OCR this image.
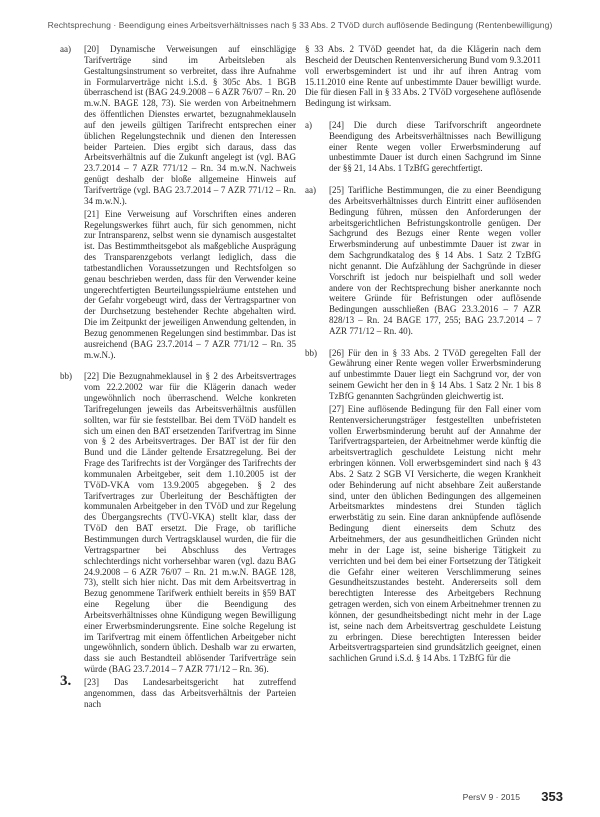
Rechtsprechung · Beendigung eines Arbeitsverhältnisses nach § 33 Abs. 2 TVöD durch auflösende Bedingung (Rentenbewilligung)
aa) [20] Dynamische Verweisungen auf einschlägige Tarifverträge sind im Arbeitsleben als Gestaltungsinstrument so verbreitet, dass ihre Aufnahme in Formularverträge nicht i.S.d. § 305c Abs. 1 BGB überraschend ist (BAG 24.9.2008 – 6 AZR 76/07 – Rn. 20 m.w.N. BAGE 128, 73). Sie werden von Arbeitnehmern des öffentlichen Dienstes erwartet, bezugnahmeklauseln auf den jeweils gültigen Tarifrecht entsprechen einer üblichen Regelungstechnik und dienen den Interessen beider Parteien. Dies ergibt sich daraus, dass das Arbeitsverhältnis auf die Zukunft angelegt ist (vgl. BAG 23.7.2014 – 7 AZR 771/12 – Rn. 34 m.w.N. Nachweis genügt deshalb der bloße allgemeine Hinweis auf Tarifverträge (vgl. BAG 23.7.2014 – 7 AZR 771/12 – Rn. 34 m.w.N.).
[21] Eine Verweisung auf Vorschriften eines anderen Regelungswerkes führt auch, für sich genommen, nicht zur Intransparenz, selbst wenn sie dynamisch ausgestaltet ist. Das Bestimmtheitsgebot als maßgebliche Ausprägung des Transparenzgebots verlangt lediglich, dass die tatbestandlichen Voraussetzungen und Rechtsfolgen so genau beschrieben werden, dass für den Verwender keine ungerechtfertigten Beurteilungsspielräume entstehen und der Gefahr vorgebeugt wird, dass der Vertragspartner von der Durchsetzung bestehender Rechte abgehalten wird. Die im Zeitpunkt der jeweiligen Anwendung geltenden, in Bezug genommenen Regelungen sind bestimmbar. Das ist ausreichend (BAG 23.7.2014 – 7 AZR 771/12 – Rn. 35 m.w.N.).
bb) [22] Die Bezugnahmeklausel in § 2 des Arbeitsvertrages vom 22.2.2002 war für die Klägerin danach weder ungewöhnlich noch überraschend. Welche konkreten Tarifregelungen jeweils das Arbeitsverhältnis ausfüllen sollten, war für sie feststellbar. Bei dem TVöD handelt es sich um einen den BAT ersetzenden Tarifvertrag im Sinne von § 2 des Arbeitsvertrages. Der BAT ist der für den Bund und die Länder geltende Ersatzregelung. Bei der Frage des Tarifrechts ist der Vorgänger des Tarifrechts der kommunalen Arbeitgeber, seit dem 1.10.2005 ist der TVöD-VKA vom 13.9.2005 abgegeben. § 2 des Tarifvertrages zur Überleitung der Beschäftigten der kommunalen Arbeitgeber in den TVöD und zur Regelung des Übergangsrechts (TVÜ-VKA) stellt klar, dass der TVöD den BAT ersetzt. Die Frage, ob tarifliche Bestimmungen durch Vertragsklausel wurden, die für die Vertragspartner bei Abschluss des Vertrages schlechterdings nicht vorhersehbar waren (vgl. dazu BAG 24.9.2008 – 6 AZR 76/07 – Rn. 21 m.w.N. BAGE 128, 73), stellt sich hier nicht. Das mit dem Arbeitsvertrag in Bezug genommene Tarifwerk enthielt bereits in §59 BAT eine Regelung über die Beendigung des Arbeitsverhältnisses ohne Kündigung wegen Bewilligung einer Erwerbsminderungsrente. Eine solche Regelung ist im Tarifvertrag mit einem öffentlichen Arbeitgeber nicht ungewöhnlich, sondern üblich. Deshalb war zu erwarten, dass sie auch Bestandteil ablösender Tarifverträge sein würde (BAG 23.7.2014 – 7 AZR 771/12 – Rn. 36).
3. [23] Das Landesarbeitsgericht hat zutreffend angenommen, dass das Arbeitsverhältnis der Parteien nach
§ 33 Abs. 2 TVöD geendet hat, da die Klägerin nach dem Bescheid der Deutschen Rentenversicherung Bund vom 9.3.2011 voll erwerbsgemindert ist und ihr auf ihren Antrag vom 15.11.2010 eine Rente auf unbestimmte Dauer bewilligt wurde. Die für diesen Fall in § 33 Abs. 2 TVöD vorgesehene auflösende Bedingung ist wirksam.
a) [24] Die durch diese Tarifvorschrift angeordnete Beendigung des Arbeitsverhältnisses nach Bewilligung einer Rente wegen voller Erwerbsminderung auf unbestimmte Dauer ist durch einen Sachgrund im Sinne der §§ 21, 14 Abs. 1 TzBfG gerechtfertigt.
aa) [25] Tarifliche Bestimmungen, die zu einer Beendigung des Arbeitsverhältnisses durch Eintritt einer auflösenden Bedingung führen, müssen den Anforderungen der arbeitsgerichtlichen Befristungskontrolle genügen. Der Sachgrund des Bezugs einer Rente wegen voller Erwerbsminderung auf unbestimmte Dauer ist zwar in dem Sachgrundkatalog des § 14 Abs. 1 Satz 2 TzBfG nicht genannt. Die Aufzählung der Sachgründe in dieser Vorschrift ist jedoch nur beispielhaft und soll weder andere von der Rechtsprechung bisher anerkannte noch weitere Gründe für Befristungen oder auflösende Bedingungen ausschließen (BAG 23.3.2016 – 7 AZR 828/13 – Rn. 24 BAGE 177, 255; BAG 23.7.2014 – 7 AZR 771/12 – Rn. 40).
bb) [26] Für den in § 33 Abs. 2 TVöD geregelten Fall der Gewährung einer Rente wegen voller Erwerbsminderung auf unbestimmte Dauer liegt ein Sachgrund vor, der von seinem Gewicht her den in § 14 Abs. 1 Satz 2 Nr. 1 bis 8 TzBfG genannten Sachgründen gleichwertig ist.
[27] Eine auflösende Bedingung für den Fall einer vom Rentenversicherungsträger festgestellten unbefristeten vollen Erwerbsminderung beruht auf der Annahme der Tarifvertragsparteien, der Arbeitnehmer werde künftig die arbeitsvertraglich geschuldete Leistung nicht mehr erbringen können. Voll erwerbsgemindert sind nach § 43 Abs. 2 Satz 2 SGB VI Versicherte, die wegen Krankheit oder Behinderung auf nicht absehbare Zeit außerstande sind, unter den üblichen Bedingungen des allgemeinen Arbeitsmarktes mindestens drei Stunden täglich erwerbstätig zu sein. Eine daran anknüpfende auflösende Bedingung dient einerseits dem Schutz des Arbeitnehmers, der aus gesundheitlichen Gründen nicht mehr in der Lage ist, seine bisherige Tätigkeit zu verrichten und bei dem bei einer Fortsetzung der Tätigkeit die Gefahr einer weiteren Verschlimmerung seines Gesundheitszustandes besteht. Andererseits soll dem berechtigten Interesse des Arbeitgebers Rechnung getragen werden, sich von einem Arbeitnehmer trennen zu können, der gesundheitsbedingt nicht mehr in der Lage ist, seine nach dem Arbeitsvertrag geschuldete Leistung zu erbringen. Diese berechtigten Interessen beider Arbeitsvertragsparteien sind grundsätzlich geeignet, einen sachlichen Grund i.S.d. § 14 Abs. 1 TzBfG für die
PersV 9 · 2015 353
